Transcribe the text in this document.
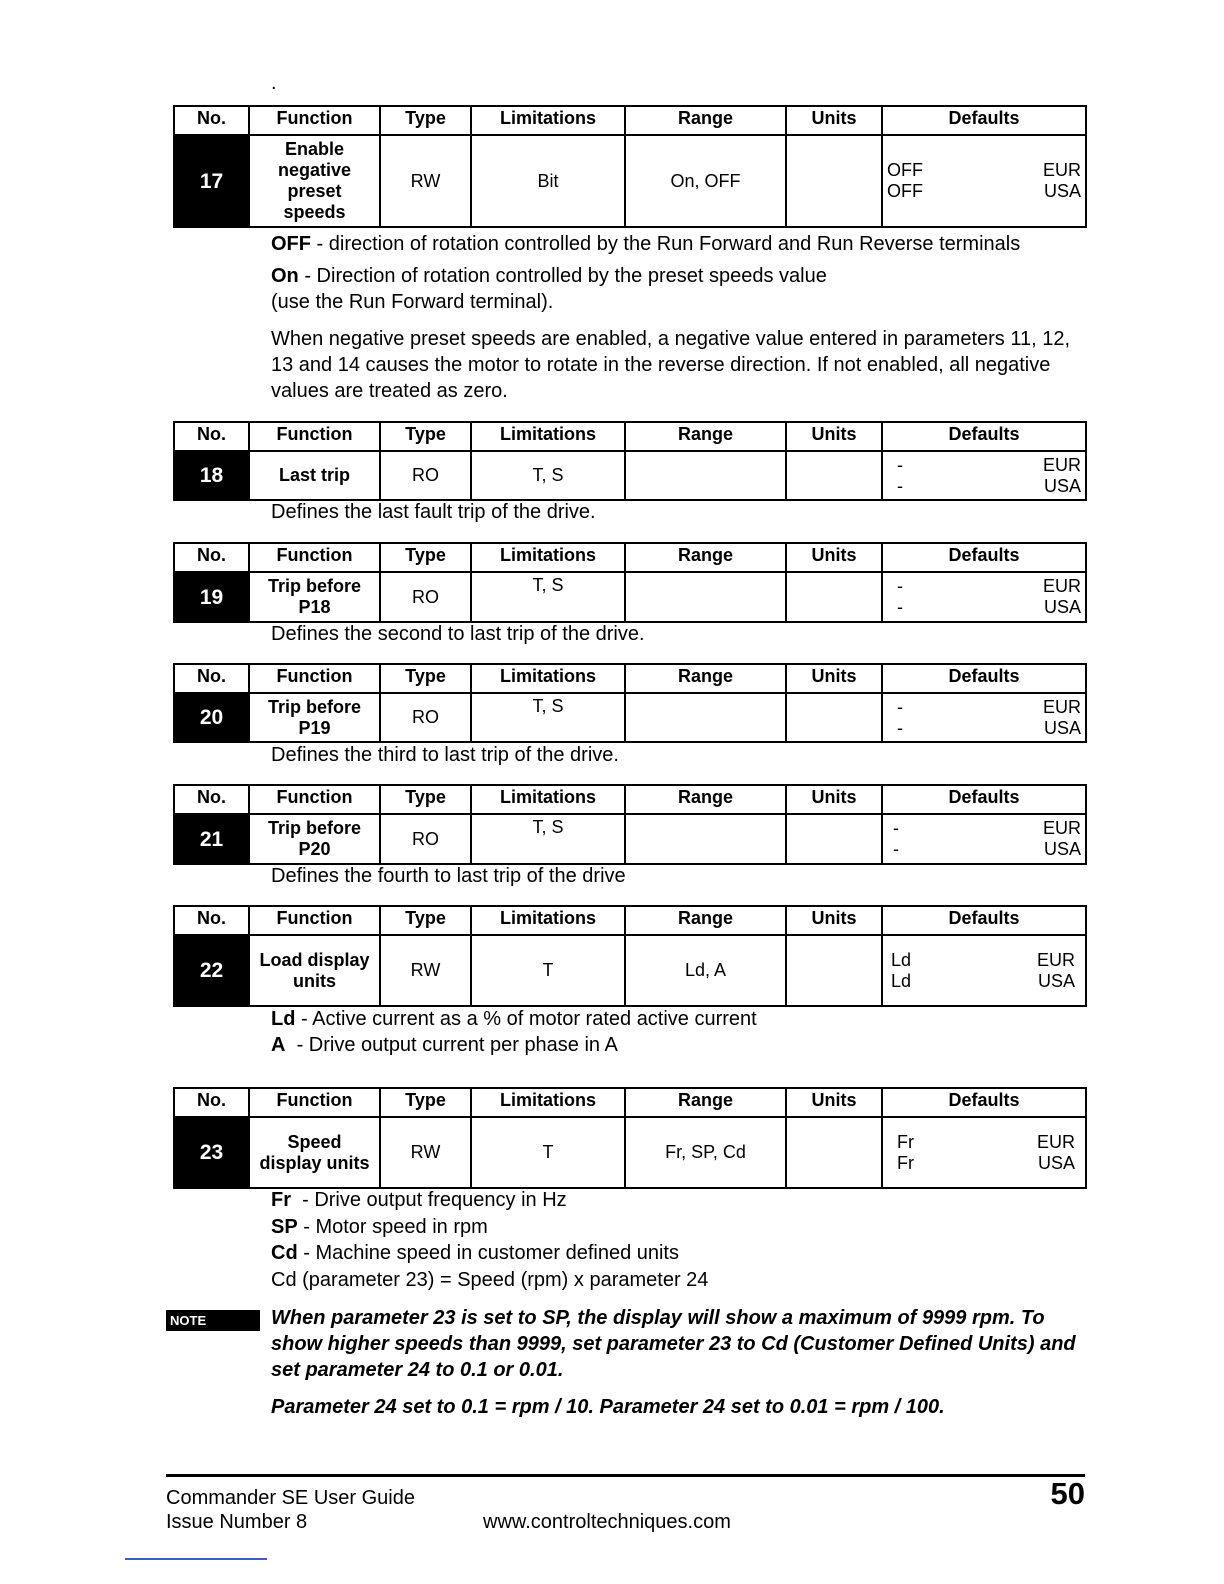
.
No.	Function	Type	Limitations	Range	Units	Defaults
17	Enable negative preset speeds	RW	Bit	On, OFF		OFF EUR
OFF USA

OFF - direction of rotation controlled by the Run Forward and Run Reverse terminals

On - Direction of rotation controlled by the preset speeds value

(use the Run Forward terminal).

When negative preset speeds are enabled, a negative value entered in parameters 11, 12, 13 and 14 causes the motor to rotate in the reverse direction. If not enabled, all negative values are treated as zero.

No.	Function	Type	Limitations	Range	Units	Defaults
18	Last trip	RO	T, S			- EUR
- USA

Defines the last fault trip of the drive.

No.	Function	Type	Limitations	Range	Units	Defaults
19	Trip before P18	RO	T, S			- EUR
- USA

Defines the second to last trip of the drive.

No.	Function	Type	Limitations	Range	Units	Defaults
20	Trip before P19	RO	T, S			- EUR
- USA

Defines the third to last trip of the drive.

No.	Function	Type	Limitations	Range	Units	Defaults
21	Trip before P20	RO	T, S			- EUR
- USA

Defines the fourth to last trip of the drive

No.	Function	Type	Limitations	Range	Units	Defaults
22	Load display units	RW	T	Ld, A		Ld EUR
Ld USA

Ld - Active current as a % of motor rated active current

A  - Drive output current per phase in A

No.	Function	Type	Limitations	Range	Units	Defaults
23	Speed display units	RW	T	Fr, SP, Cd		Fr EUR
Fr USA

Fr  - Drive output frequency in Hz

SP - Motor speed in rpm

Cd - Machine speed in customer defined units

Cd (parameter 23) = Speed (rpm) x parameter 24

NOTE	When parameter 23 is set to SP, the display will show a maximum of 9999 rpm. To show higher speeds than 9999, set parameter 23 to Cd (Customer Defined Units) and set parameter 24 to 0.1 or 0.01.

Parameter 24 set to 0.1 = rpm / 10. Parameter 24 set to 0.01 = rpm / 100.

Commander SE User Guide
Issue Number 8	www.controltechniques.com
50
